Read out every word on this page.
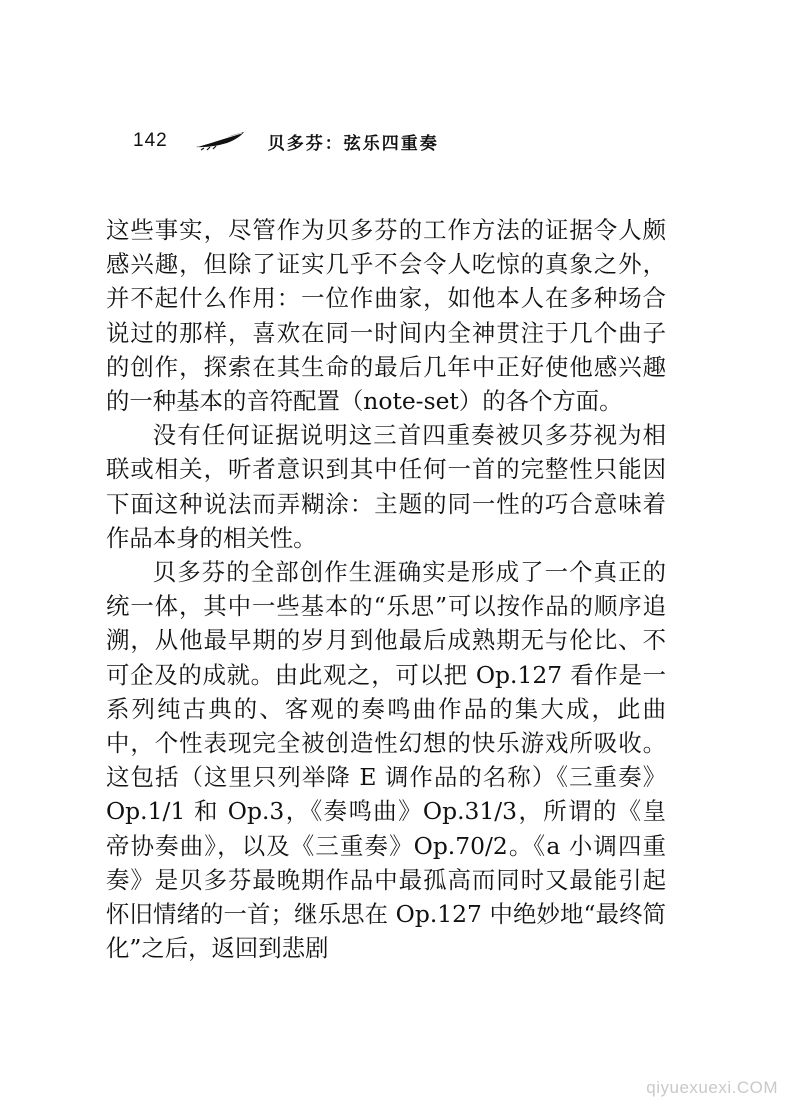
142	贝多芬：弦乐四重奏

这些事实，尽管作为贝多芬的工作方法的证据令人颇感兴趣，但除了证实几乎不会令人吃惊的真象之外，并不起什么作用：一位作曲家，如他本人在多种场合说过的那样，喜欢在同一时间内全神贯注于几个曲子的创作，探索在其生命的最后几年中正好使他感兴趣的一种基本的音符配置（note-set）的各个方面。

没有任何证据说明这三首四重奏被贝多芬视为相联或相关，听者意识到其中任何一首的完整性只能因下面这种说法而弄糊涂：主题的同一性的巧合意味着作品本身的相关性。

贝多芬的全部创作生涯确实是形成了一个真正的统一体，其中一些基本的“乐思”可以按作品的顺序追溯，从他最早期的岁月到他最后成熟期无与伦比、不可企及的成就。由此观之，可以把 Op.127 看作是一系列纯古典的、客观的奏鸣曲作品的集大成，此曲中，个性表现完全被创造性幻想的快乐游戏所吸收。这包括（这里只列举降 E 调作品的名称）《三重奏》Op.1/1 和 Op.3，《奏鸣曲》Op.31/3，所谓的《皇帝协奏曲》，以及《三重奏》Op.70/2。《a 小调四重奏》是贝多芬最晚期作品中最孤高而同时又最能引起怀旧情绪的一首；继乐思在 Op.127 中绝妙地“最终简化”之后，返回到悲剧

qiyuexuexi.COM
